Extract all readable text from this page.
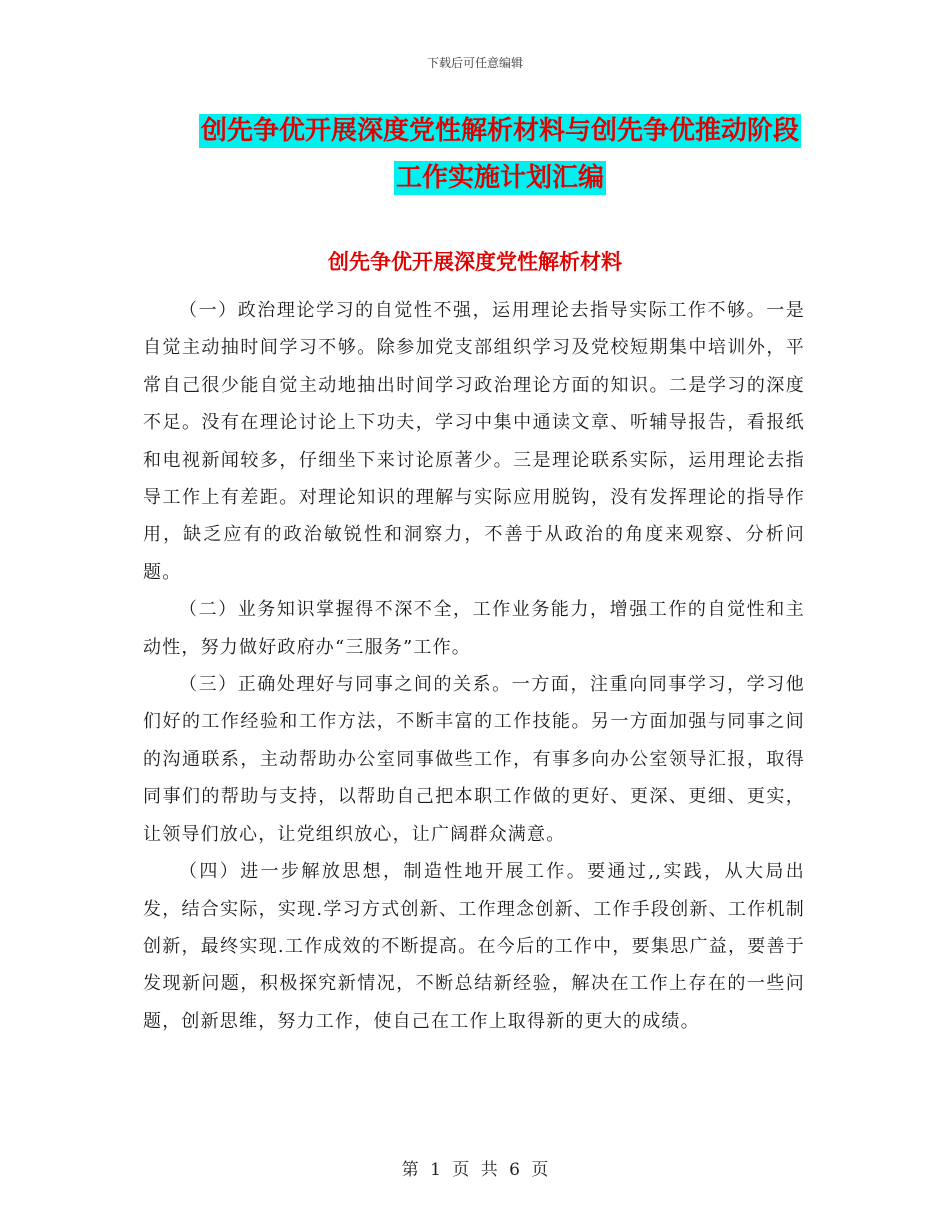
下载后可任意编辑
创先争优开展深度党性解析材料与创先争优推动阶段
工作实施计划汇编
创先争优开展深度党性解析材料

（一）政治理论学习的自觉性不强，运用理论去指导实际工作不够。一是自觉主动抽时间学习不够。除参加党支部组织学习及党校短期集中培训外，平常自己很少能自觉主动地抽出时间学习政治理论方面的知识。二是学习的深度不足。没有在理论讨论上下功夫，学习中集中通读文章、听辅导报告，看报纸和电视新闻较多，仔细坐下来讨论原著少。三是理论联系实际，运用理论去指导工作上有差距。对理论知识的理解与实际应用脱钩，没有发挥理论的指导作用，缺乏应有的政治敏锐性和洞察力，不善于从政治的角度来观察、分析问题。

（二）业务知识掌握得不深不全，工作业务能力，增强工作的自觉性和主动性，努力做好政府办“三服务”工作。

（三）正确处理好与同事之间的关系。一方面，注重向同事学习，学习他们好的工作经验和工作方法，不断丰富的工作技能。另一方面加强与同事之间的沟通联系，主动帮助办公室同事做些工作，有事多向办公室领导汇报，取得同事们的帮助与支持，以帮助自己把本职工作做的更好、更深、更细、更实，让领导们放心，让党组织放心，让广阔群众满意。

（四）进一步解放思想，制造性地开展工作。要通过,,实践，从大局出发，结合实际，实现.学习方式创新、工作理念创新、工作手段创新、工作机制创新，最终实现.工作成效的不断提高。在今后的工作中，要集思广益，要善于发现新问题，积极探究新情况，不断总结新经验，解决在工作上存在的一些问题，创新思维，努力工作，使自己在工作上取得新的更大的成绩。

第 1 页 共 6 页
